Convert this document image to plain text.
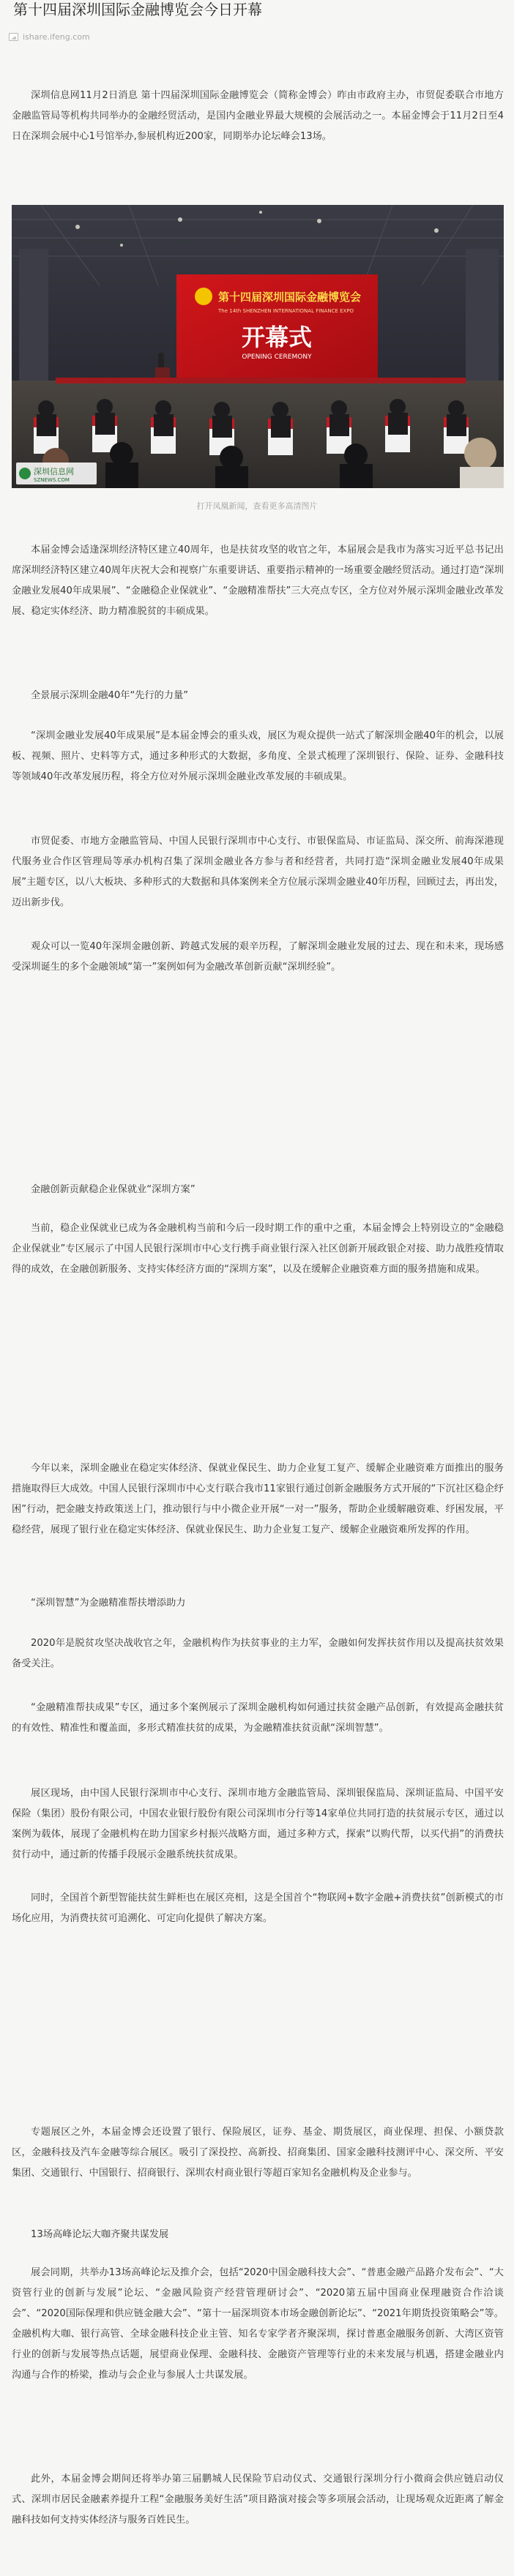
第十四届深圳国际金融博览会今日开幕
ishare.ifeng.com

深圳信息网11月2日消息 第十四届深圳国际金融博览会（简称金博会）昨由市政府主办，市贸促委联合市地方金融监管局等机构共同举办的金融经贸活动，是国内金融业界最大规模的会展活动之一。本届金博会于11月2日至4日在深圳会展中心1号馆举办,参展机构近200家，同期举办论坛峰会13场。

第十四届深圳国际金融博览会
The 14th SHENZHEN INTERNATIONAL FINANCE EXPO
开幕式
OPENING CEREMONY
深圳信息网
SZNEWS.COM
打开凤凰新闻，查看更多高清图片

本届金博会适逢深圳经济特区建立40周年，也是扶贫攻坚的收官之年，本届展会是我市为落实习近平总书记出席深圳经济特区建立40周年庆祝大会和视察广东重要讲话、重要指示精神的一场重要金融经贸活动。通过打造“深圳金融业发展40年成果展”、“金融稳企业保就业”、“金融精准帮扶”三大亮点专区，全方位对外展示深圳金融业改革发展、稳定实体经济、助力精准脱贫的丰硕成果。

全景展示深圳金融40年“先行的力量”

“深圳金融业发展40年成果展”是本届金博会的重头戏，展区为观众提供一站式了解深圳金融40年的机会，以展板、视频、照片、史料等方式，通过多种形式的大数据，多角度、全景式梳理了深圳银行、保险、证券、金融科技等领域40年改革发展历程，将全方位对外展示深圳金融业改革发展的丰硕成果。

市贸促委、市地方金融监管局、中国人民银行深圳市中心支行、市银保监局、市证监局、深交所、前海深港现代服务业合作区管理局等承办机构召集了深圳金融业各方参与者和经营者，共同打造“深圳金融业发展40年成果展”主题专区，以八大板块、多种形式的大数据和具体案例来全方位展示深圳金融业40年历程，回顾过去，再出发，迈出新步伐。

观众可以一览40年深圳金融创新、跨越式发展的艰辛历程，了解深圳金融业发展的过去、现在和未来，现场感受深圳诞生的多个金融领域“第一”案例如何为金融改革创新贡献“深圳经验”。

金融创新贡献稳企业保就业“深圳方案”

当前，稳企业保就业已成为各金融机构当前和今后一段时期工作的重中之重，本届金博会上特别设立的“金融稳企业保就业”专区展示了中国人民银行深圳市中心支行携手商业银行深入社区创新开展政银企对接、助力战胜疫情取得的成效，在金融创新服务、支持实体经济方面的“深圳方案”，以及在缓解企业融资难方面的服务措施和成果。

今年以来，深圳金融业在稳定实体经济、保就业保民生、助力企业复工复产、缓解企业融资难方面推出的服务措施取得巨大成效。中国人民银行深圳市中心支行联合我市11家银行通过创新金融服务方式开展的“下沉社区稳企纾困”行动，把金融支持政策送上门，推动银行与中小微企业开展“一对一”服务，帮助企业缓解融资难、纾困发展，平稳经营，展现了银行业在稳定实体经济、保就业保民生、助力企业复工复产、缓解企业融资难所发挥的作用。

“深圳智慧”为金融精准帮扶增添助力

2020年是脱贫攻坚决战收官之年，金融机构作为扶贫事业的主力军，金融如何发挥扶贫作用以及提高扶贫效果备受关注。

“金融精准帮扶成果”专区，通过多个案例展示了深圳金融机构如何通过扶贫金融产品创新，有效提高金融扶贫的有效性、精准性和覆盖面，多形式精准扶贫的成果，为金融精准扶贫贡献“深圳智慧”。

展区现场，由中国人民银行深圳市中心支行、深圳市地方金融监管局、深圳银保监局、深圳证监局、中国平安保险（集团）股份有限公司，中国农业银行股份有限公司深圳市分行等14家单位共同打造的扶贫展示专区，通过以案例为载体，展现了金融机构在助力国家乡村振兴战略方面，通过多种方式，探索“以购代帮，以买代捐”的消费扶贫行动中，通过新的传播手段展示金融系统扶贫成果。

同时，全国首个新型智能扶贫生鲜柜也在展区亮相，这是全国首个“物联网+数字金融+消费扶贫”创新模式的市场化应用，为消费扶贫可追溯化、可定向化提供了解决方案。

专题展区之外，本届金博会还设置了银行、保险展区，证券、基金、期货展区，商业保理、担保、小额贷款区，金融科技及汽车金融等综合展区。吸引了深投控、高新投、招商集团、国家金融科技测评中心、深交所、平安集团、交通银行、中国银行、招商银行、深圳农村商业银行等超百家知名金融机构及企业参与。

13场高峰论坛大咖齐聚共谋发展

展会同期，共举办13场高峰论坛及推介会，包括“2020中国金融科技大会”、“普惠金融产品路介发布会”、“大资管行业的创新与发展”论坛、“金融风险资产经营管理研讨会”、“2020第五届中国商业保理融资合作洽谈会”、“2020国际保理和供应链金融大会”、“第十一届深圳资本市场金融创新论坛”、“2021年期货投资策略会”等。金融机构大咖、银行高管、全球金融科技企业主管、知名专家学者齐聚深圳，探讨普惠金融服务创新、大湾区资管行业的创新与发展等热点话题，展望商业保理、金融科技、金融资产管理等行业的未来发展与机遇，搭建金融业内沟通与合作的桥梁，推动与会企业与参展人士共谋发展。

此外，本届金博会期间还将举办第三届鹏城人民保险节启动仪式、交通银行深圳分行小微商会供应链启动仪式、深圳市居民金融素养提升工程“金融服务美好生活”项目路演对接会等多项展会活动，让现场观众近距离了解金融科技如何支持实体经济与服务百姓民生。
